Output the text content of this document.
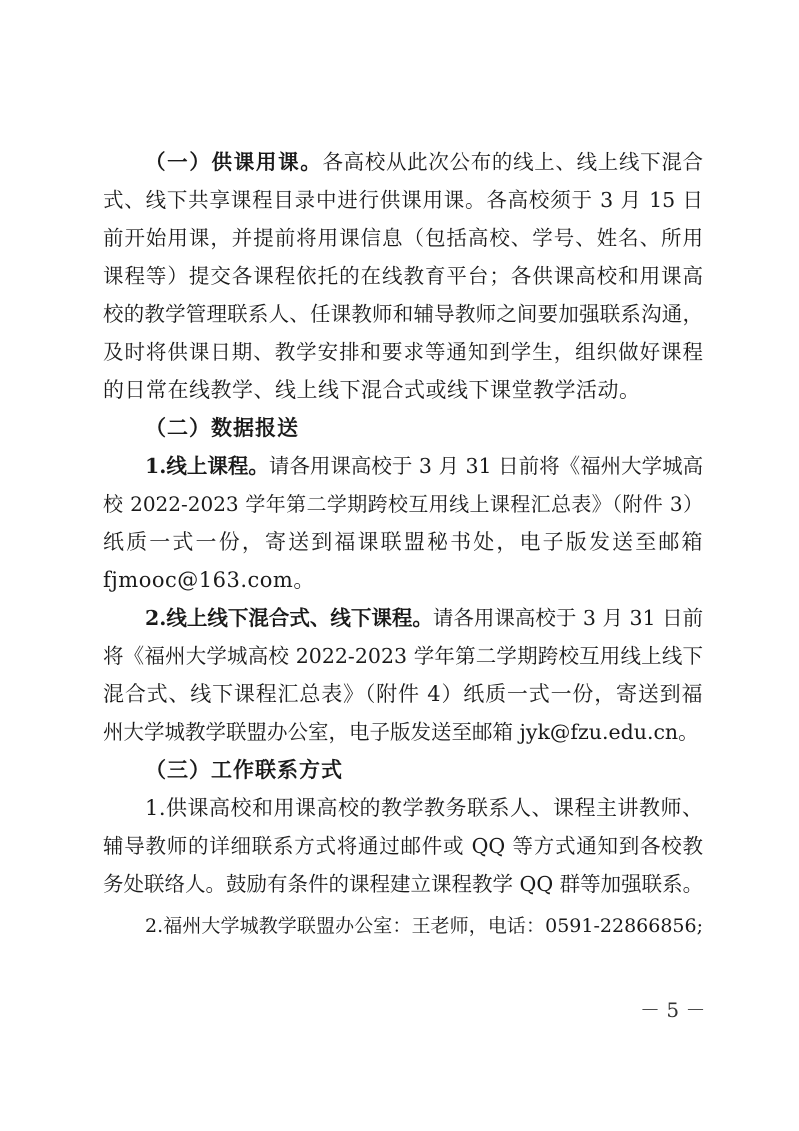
（一）供课用课。各高校从此次公布的线上、线上线下混合
式、线下共享课程目录中进行供课用课。各高校须于 3 月 15 日
前开始用课，并提前将用课信息（包括高校、学号、姓名、所用
课程等）提交各课程依托的在线教育平台；各供课高校和用课高
校的教学管理联系人、任课教师和辅导教师之间要加强联系沟通，
及时将供课日期、教学安排和要求等通知到学生，组织做好课程
的日常在线教学、线上线下混合式或线下课堂教学活动。
（二）数据报送
1.线上课程。请各用课高校于 3 月 31 日前将《福州大学城高
校 2022-2023 学年第二学期跨校互用线上课程汇总表》（附件 3）
纸质一式一份，寄送到福课联盟秘书处，电子版发送至邮箱
fjmooc@163.com。
2.线上线下混合式、线下课程。请各用课高校于 3 月 31 日前
将《福州大学城高校 2022-2023 学年第二学期跨校互用线上线下
混合式、线下课程汇总表》（附件 4）纸质一式一份，寄送到福
州大学城教学联盟办公室，电子版发送至邮箱 jyk@fzu.edu.cn。
（三）工作联系方式
1.供课高校和用课高校的教学教务联系人、课程主讲教师、
辅导教师的详细联系方式将通过邮件或 QQ 等方式通知到各校教
务处联络人。鼓励有条件的课程建立课程教学 QQ 群等加强联系。
2.福州大学城教学联盟办公室：王老师，电话：0591-22866856;
－ 5 －
